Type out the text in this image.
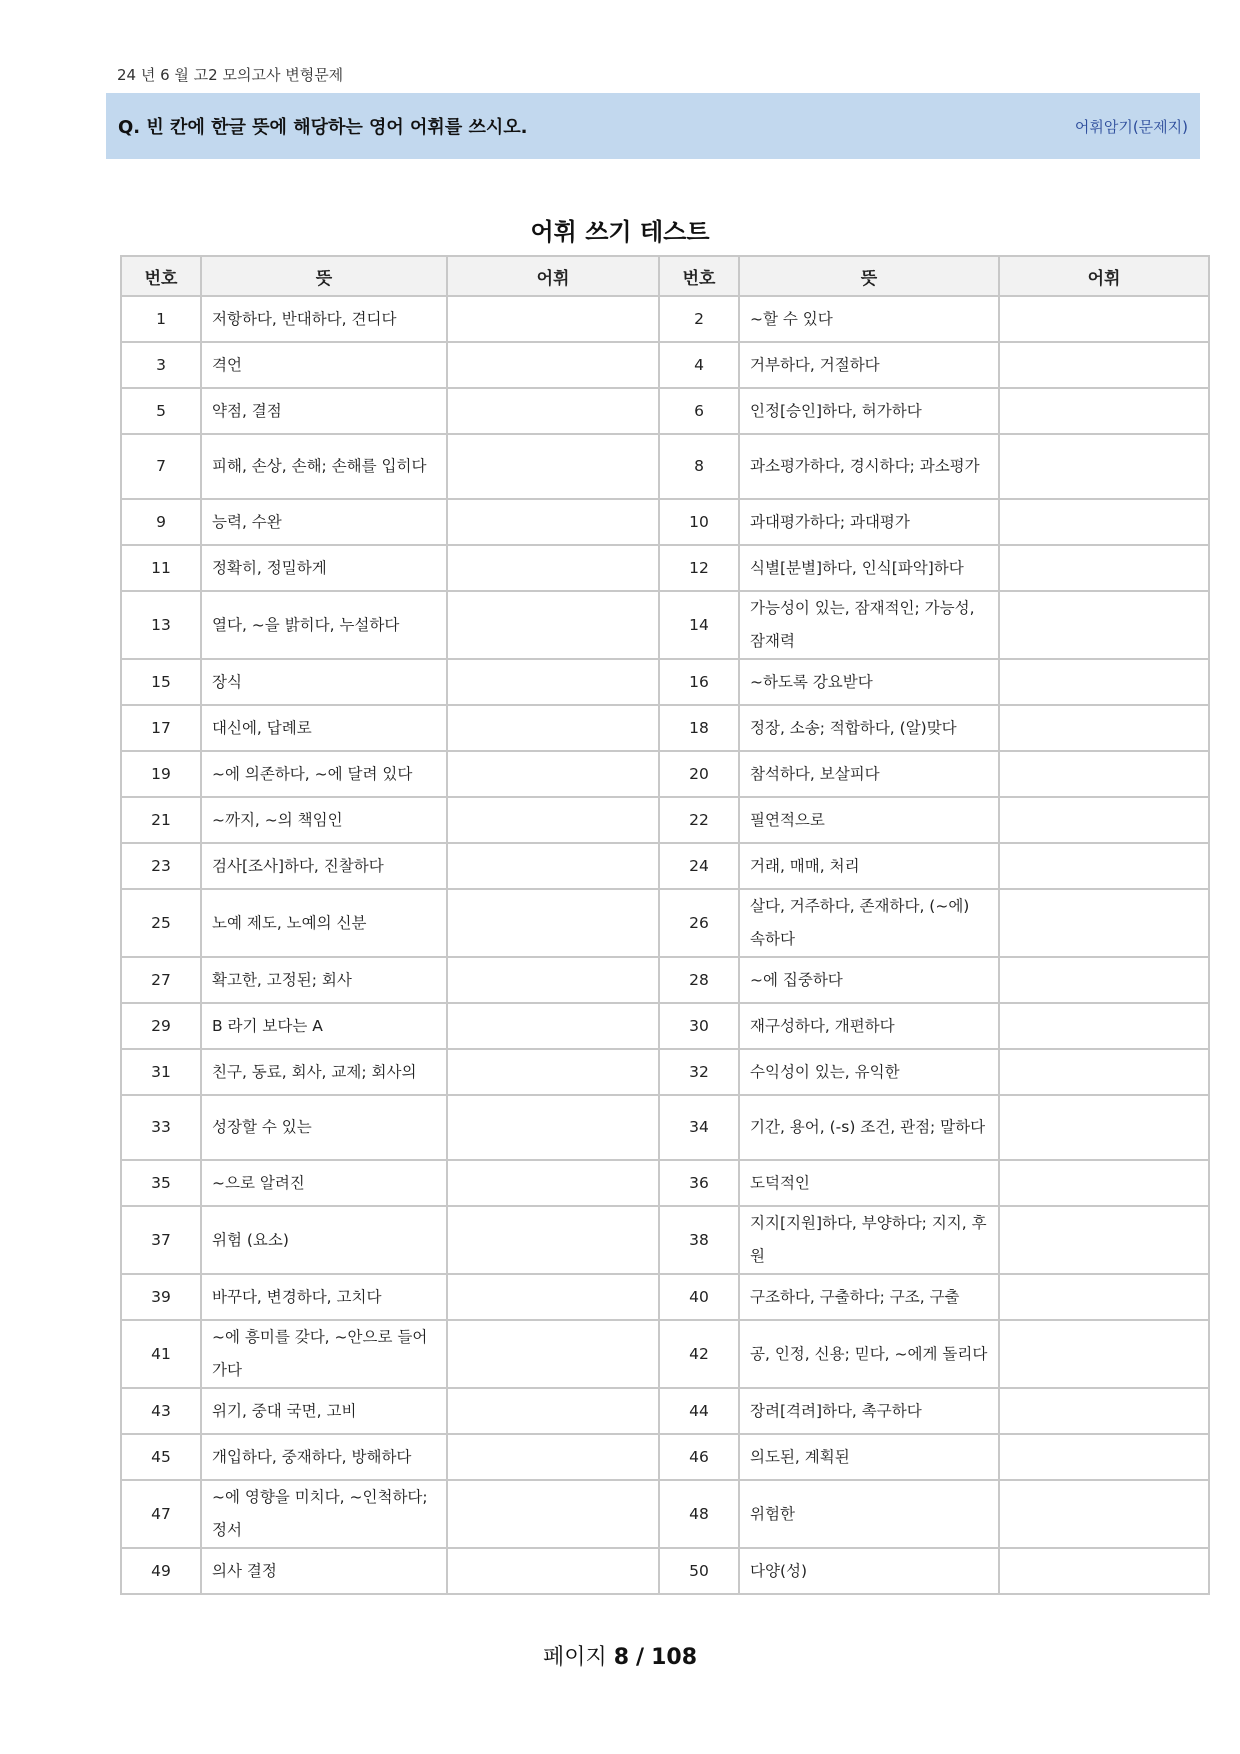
24 년 6 월 고2 모의고사 변형문제
Q. 빈 칸에 한글 뜻에 해당하는 영어 어휘를 쓰시오.	어휘암기(문제지)
어휘 쓰기 테스트
번호	뜻	어휘	번호	뜻	어휘
1	저항하다, 반대하다, 견디다		2	~할 수 있다	
3	격언		4	거부하다, 거절하다	
5	약점, 결점		6	인정[승인]하다, 허가하다	
7	피해, 손상, 손해; 손해를 입히다		8	과소평가하다, 경시하다; 과소평가	
9	능력, 수완		10	과대평가하다; 과대평가	
11	정확히, 정밀하게		12	식별[분별]하다, 인식[파악]하다	
13	열다, ~을 밝히다, 누설하다		14	가능성이 있는, 잠재적인; 가능성, 잠재력	
15	장식		16	~하도록 강요받다	
17	대신에, 답례로		18	정장, 소송; 적합하다, (알)맞다	
19	~에 의존하다, ~에 달려 있다		20	참석하다, 보살피다	
21	~까지, ~의 책임인		22	필연적으로	
23	검사[조사]하다, 진찰하다		24	거래, 매매, 처리	
25	노예 제도, 노예의 신분		26	살다, 거주하다, 존재하다, (~에) 속하다	
27	확고한, 고정된; 회사		28	~에 집중하다	
29	B 라기 보다는 A		30	재구성하다, 개편하다	
31	친구, 동료, 회사, 교제; 회사의		32	수익성이 있는, 유익한	
33	성장할 수 있는		34	기간, 용어, (-s) 조건, 관점; 말하다	
35	~으로 알려진		36	도덕적인	
37	위험 (요소)		38	지지[지원]하다, 부양하다; 지지, 후원	
39	바꾸다, 변경하다, 고치다		40	구조하다, 구출하다; 구조, 구출	
41	~에 흥미를 갖다, ~안으로 들어가다		42	공, 인정, 신용; 믿다, ~에게 돌리다	
43	위기, 중대 국면, 고비		44	장려[격려]하다, 촉구하다	
45	개입하다, 중재하다, 방해하다		46	의도된, 계획된	
47	~에 영향을 미치다, ~인척하다; 정서		48	위험한	
49	의사 결정		50	다양(성)	
페이지 8 / 108
